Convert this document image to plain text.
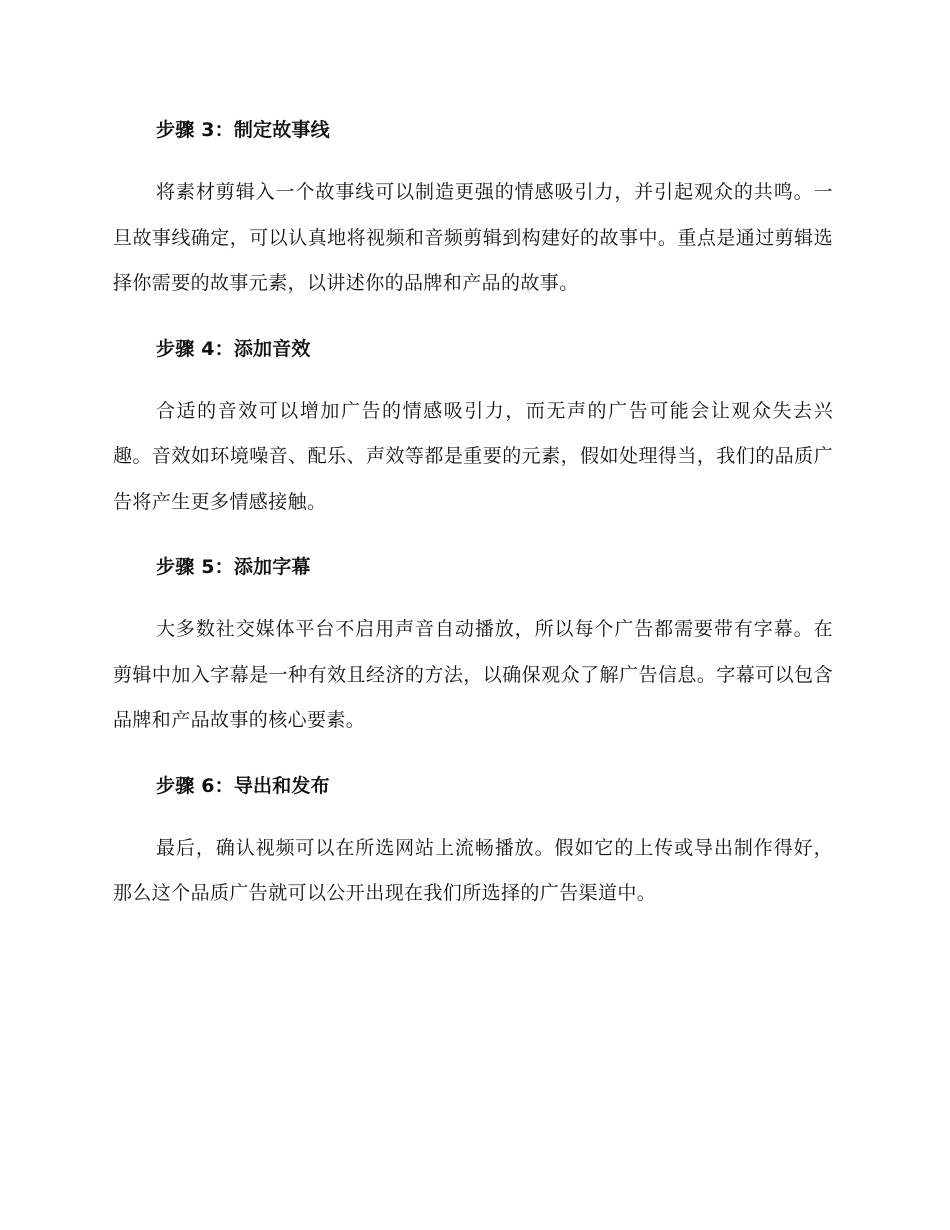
步骤 3：制定故事线

将素材剪辑入一个故事线可以制造更强的情感吸引力，并引起观众的共鸣。一旦故事线确定，可以认真地将视频和音频剪辑到构建好的故事中。重点是通过剪辑选择你需要的故事元素，以讲述你的品牌和产品的故事。

步骤 4：添加音效

合适的音效可以增加广告的情感吸引力，而无声的广告可能会让观众失去兴趣。音效如环境噪音、配乐、声效等都是重要的元素，假如处理得当，我们的品质广告将产生更多情感接触。

步骤 5：添加字幕

大多数社交媒体平台不启用声音自动播放，所以每个广告都需要带有字幕。在剪辑中加入字幕是一种有效且经济的方法，以确保观众了解广告信息。字幕可以包含品牌和产品故事的核心要素。

步骤 6：导出和发布

最后，确认视频可以在所选网站上流畅播放。假如它的上传或导出制作得好，那么这个品质广告就可以公开出现在我们所选择的广告渠道中。
